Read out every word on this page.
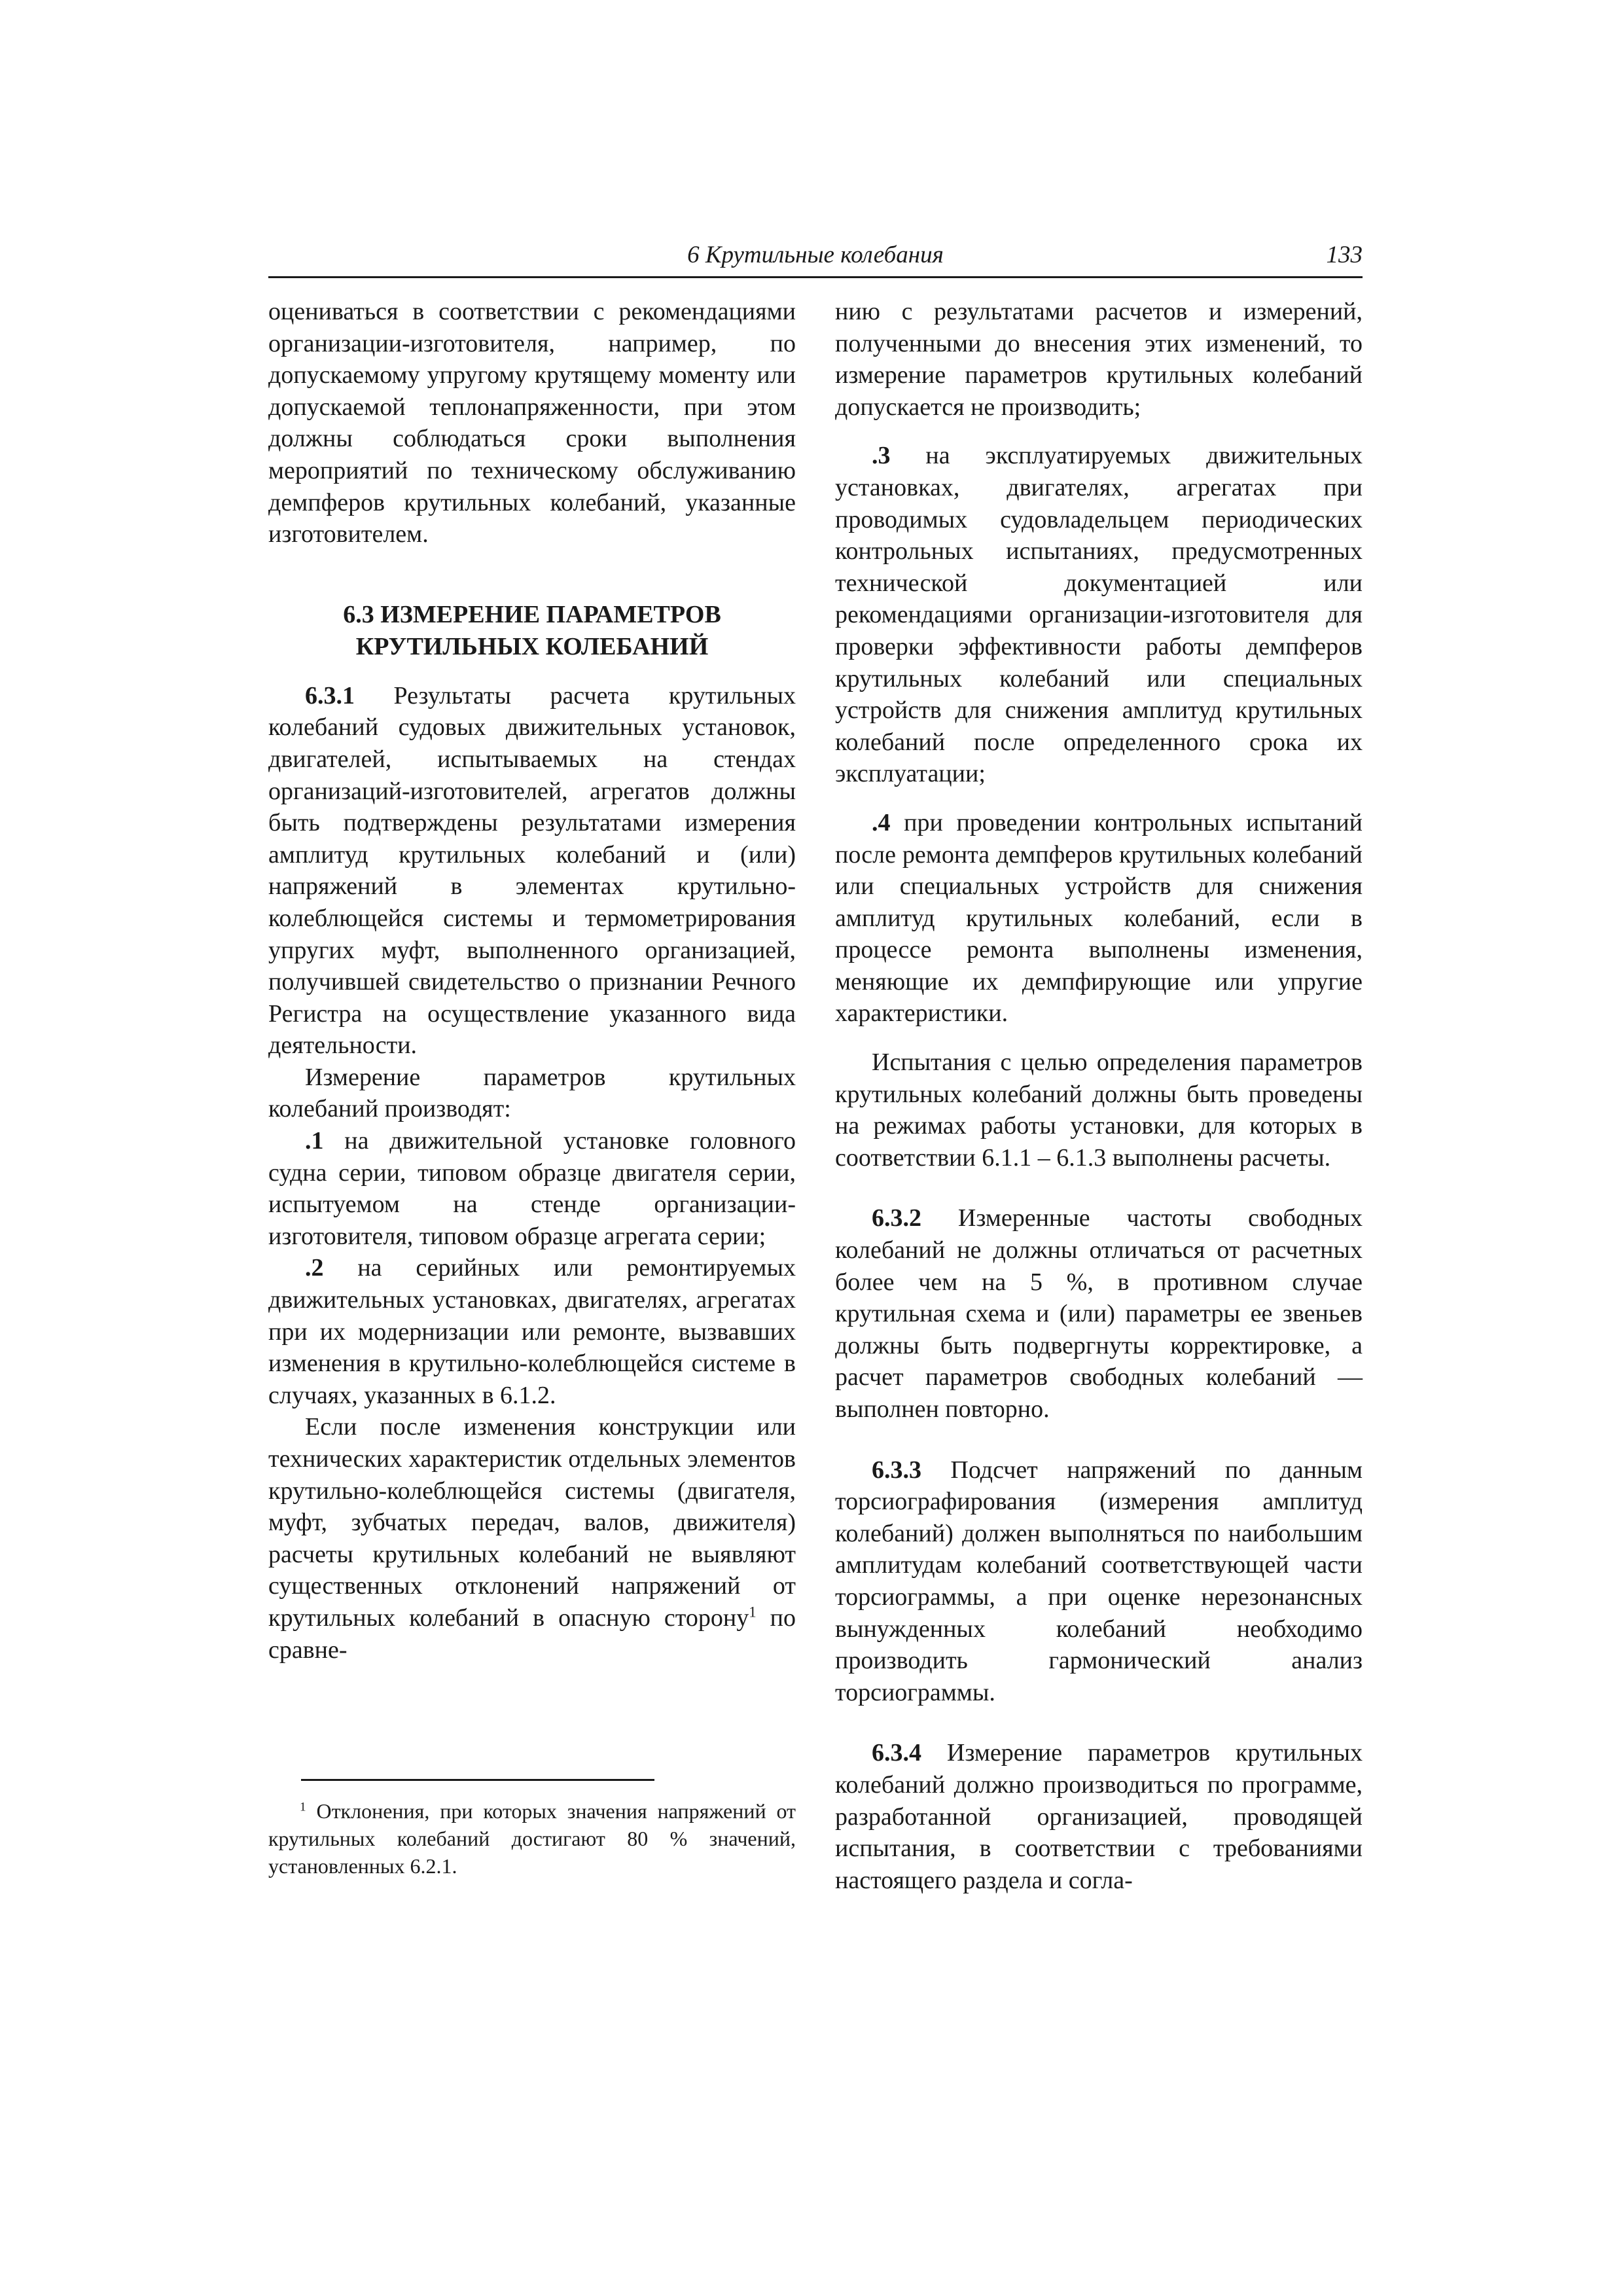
6 Крутильные колебания	133

оцениваться в соответствии с рекомендациями организации-изготовителя, например, по допускаемому упругому крутящему моменту или допускаемой теплонапряженности, при этом должны соблюдаться сроки выполнения мероприятий по техническому обслуживанию демпферов крутильных колебаний, указанные изготовителем.

6.3 ИЗМЕРЕНИЕ ПАРАМЕТРОВ
КРУТИЛЬНЫХ КОЛЕБАНИЙ

6.3.1 Результаты расчета крутильных колебаний судовых движительных установок, двигателей, испытываемых на стендах организаций-изготовителей, агрегатов должны быть подтверждены результатами измерения амплитуд крутильных колебаний и (или) напряжений в элементах крутильно-колеблющейся системы и термометрирования упругих муфт, выполненного организацией, получившей свидетельство о признании Речного Регистра на осуществление указанного вида деятельности.

Измерение параметров крутильных колебаний производят:

.1 на движительной установке головного судна серии, типовом образце двигателя серии, испытуемом на стенде организации-изготовителя, типовом образце агрегата серии;

.2 на серийных или ремонтируемых движительных установках, двигателях, агрегатах при их модернизации или ремонте, вызвавших изменения в крутильно-колеблющейся системе в случаях, указанных в 6.1.2.

Если после изменения конструкции или технических характеристик отдельных элементов крутильно-колеблющейся системы (двигателя, муфт, зубчатых передач, валов, движителя) расчеты крутильных колебаний не выявляют существенных отклонений напряжений от крутильных колебаний в опасную сторону$^1$ по сравне-

$^1$ Отклонения, при которых значения напряжений от крутильных колебаний достигают 80 % значений, установленных 6.2.1.

нию с результатами расчетов и измерений, полученными до внесения этих изменений, то измерение параметров крутильных колебаний допускается не производить;

.3 на эксплуатируемых движительных установках, двигателях, агрегатах при проводимых судовладельцем периодических контрольных испытаниях, предусмотренных технической документацией или рекомендациями организации-изготовителя для проверки эффективности работы демпферов крутильных колебаний или специальных устройств для снижения амплитуд крутильных колебаний после определенного срока их эксплуатации;

.4 при проведении контрольных испытаний после ремонта демпферов крутильных колебаний или специальных устройств для снижения амплитуд крутильных колебаний, если в процессе ремонта выполнены изменения, меняющие их демпфирующие или упругие характеристики.

Испытания с целью определения параметров крутильных колебаний должны быть проведены на режимах работы установки, для которых в соответствии 6.1.1 – 6.1.3 выполнены расчеты.

6.3.2 Измеренные частоты свободных колебаний не должны отличаться от расчетных более чем на 5 %, в противном случае крутильная схема и (или) параметры ее звеньев должны быть подвергнуты корректировке, а расчет параметров свободных колебаний — выполнен повторно.

6.3.3 Подсчет напряжений по данным торсиографирования (измерения амплитуд колебаний) должен выполняться по наибольшим амплитудам колебаний соответствующей части торсиограммы, а при оценке нерезонансных вынужденных колебаний необходимо производить гармонический анализ торсиограммы.

6.3.4 Измерение параметров крутильных колебаний должно производиться по программе, разработанной организацией, проводящей испытания, в соответствии с требованиями настоящего раздела и согла-
